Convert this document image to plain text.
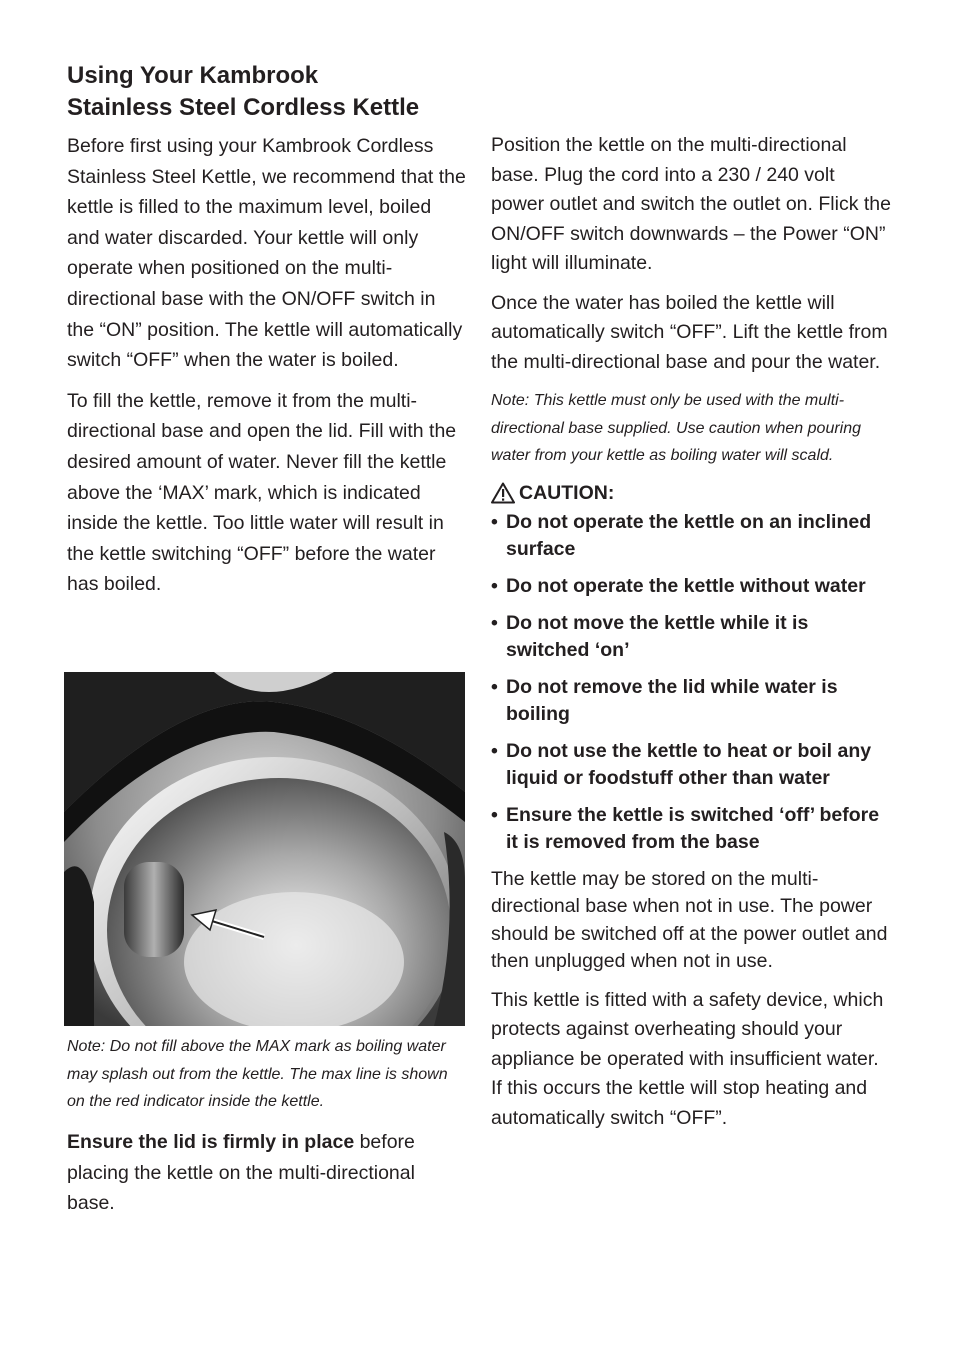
Using Your Kambrook
Stainless Steel Cordless Kettle

Before first using your Kambrook Cordless Stainless Steel Kettle, we recommend that the kettle is filled to the maximum level, boiled and water discarded. Your kettle will only operate when positioned on the multi-directional base with the ON/OFF switch in the “ON” position. The kettle will automatically switch “OFF” when the water is boiled.

To fill the kettle, remove it from the multi-directional base and open the lid. Fill with the desired amount of water. Never fill the kettle above the ‘MAX’ mark, which is indicated inside the kettle. Too little water will result in the kettle switching “OFF” before the water has boiled.

Note: Do not fill above the MAX mark as boiling water may splash out from the kettle. The max line is shown on the red indicator inside the kettle.

Ensure the lid is firmly in place before placing the kettle on the multi-directional base.

Position the kettle on the multi-directional base. Plug the cord into a 230 / 240 volt power outlet and switch the outlet on. Flick the ON/OFF switch downwards – the Power “ON” light will illuminate.

Once the water has boiled the kettle will automatically switch “OFF”. Lift the kettle from the multi-directional base and pour the water.

Note: This kettle must only be used with the multi-directional base supplied. Use caution when pouring water from your kettle as boiling water will scald.

CAUTION:
• Do not operate the kettle on an inclined surface
• Do not operate the kettle without water
• Do not move the kettle while it is switched ‘on’
• Do not remove the lid while water is boiling
• Do not use the kettle to heat or boil any liquid or foodstuff other than water
• Ensure the kettle is switched ‘off’ before it is removed from the base

The kettle may be stored on the multi-directional base when not in use. The power should be switched off at the power outlet and then unplugged when not in use.

This kettle is fitted with a safety device, which protects against overheating should your appliance be operated with insufficient water. If this occurs the kettle will stop heating and automatically switch “OFF”.
